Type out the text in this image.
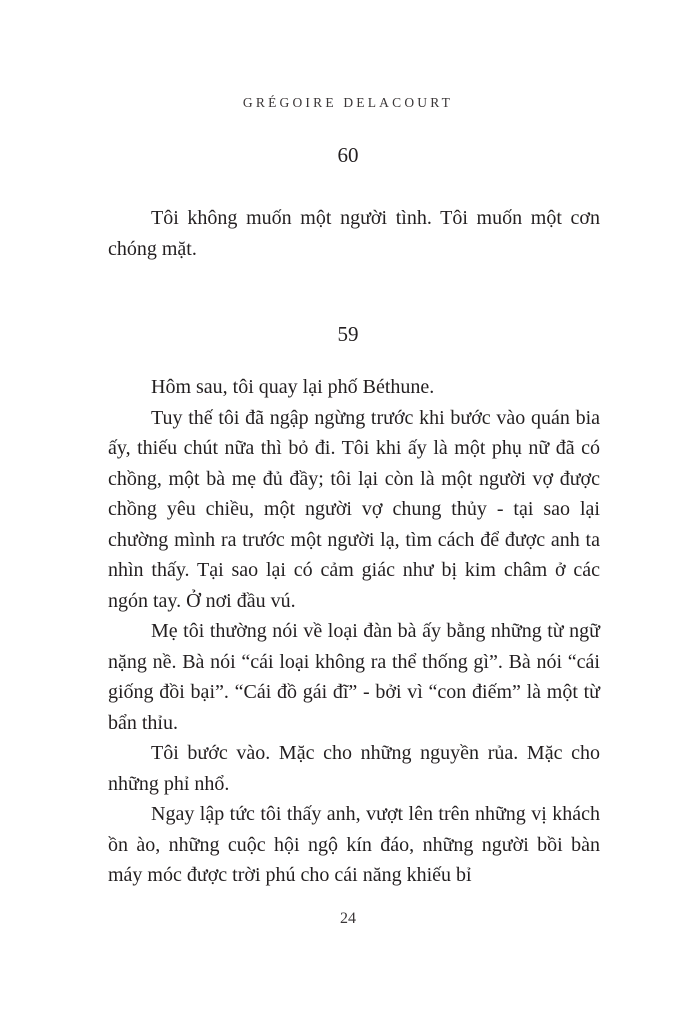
GRÉGOIRE DELACOURT
60

Tôi không muốn một người tình. Tôi muốn một cơn chóng mặt.

59

Hôm sau, tôi quay lại phố Béthune.

Tuy thế tôi đã ngập ngừng trước khi bước vào quán bia ấy, thiếu chút nữa thì bỏ đi. Tôi khi ấy là một phụ nữ đã có chồng, một bà mẹ đủ đầy; tôi lại còn là một người vợ được chồng yêu chiều, một người vợ chung thủy - tại sao lại chường mình ra trước một người lạ, tìm cách để được anh ta nhìn thấy. Tại sao lại có cảm giác như bị kim châm ở các ngón tay. Ở nơi đầu vú.

Mẹ tôi thường nói về loại đàn bà ấy bằng những từ ngữ nặng nề. Bà nói “cái loại không ra thể thống gì”. Bà nói “cái giống đồi bại”. “Cái đồ gái đĩ” - bởi vì “con điếm” là một từ bẩn thỉu.

Tôi bước vào. Mặc cho những nguyền rủa. Mặc cho những phỉ nhổ.

Ngay lập tức tôi thấy anh, vượt lên trên những vị khách ồn ào, những cuộc hội ngộ kín đáo, những người bồi bàn máy móc được trời phú cho cái năng khiếu bỉ

24
